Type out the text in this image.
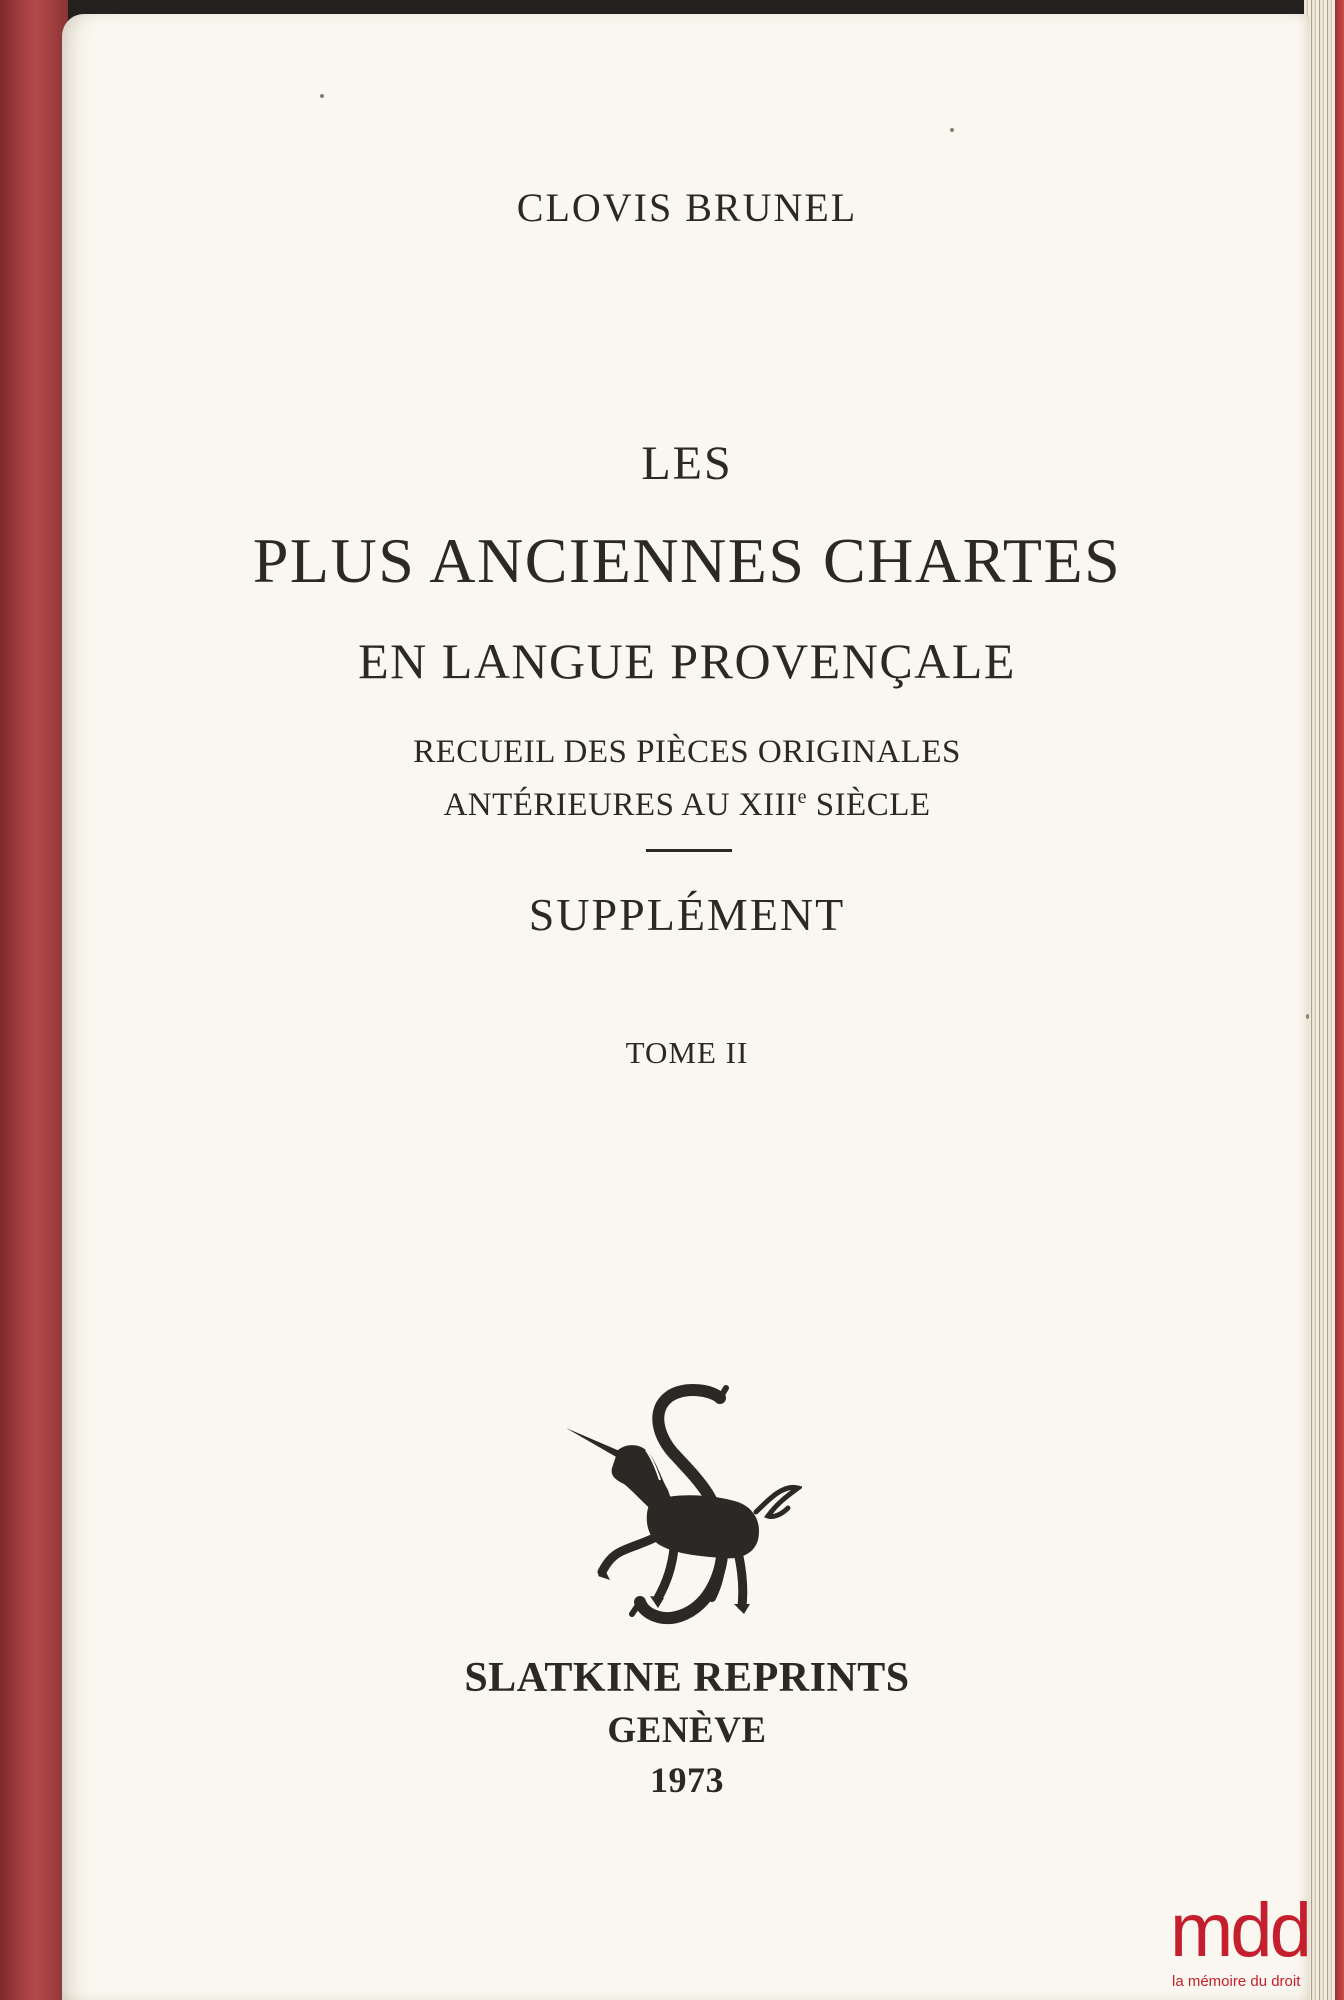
CLOVIS BRUNEL

LES

PLUS ANCIENNES CHARTES

EN LANGUE PROVENÇALE

RECUEIL DES PIÈCES ORIGINALES

ANTÉRIEURES AU XIIIe SIÈCLE

SUPPLÉMENT

TOME II

SLATKINE REPRINTS

GENÈVE

1973

mdd
la mémoire du droit
